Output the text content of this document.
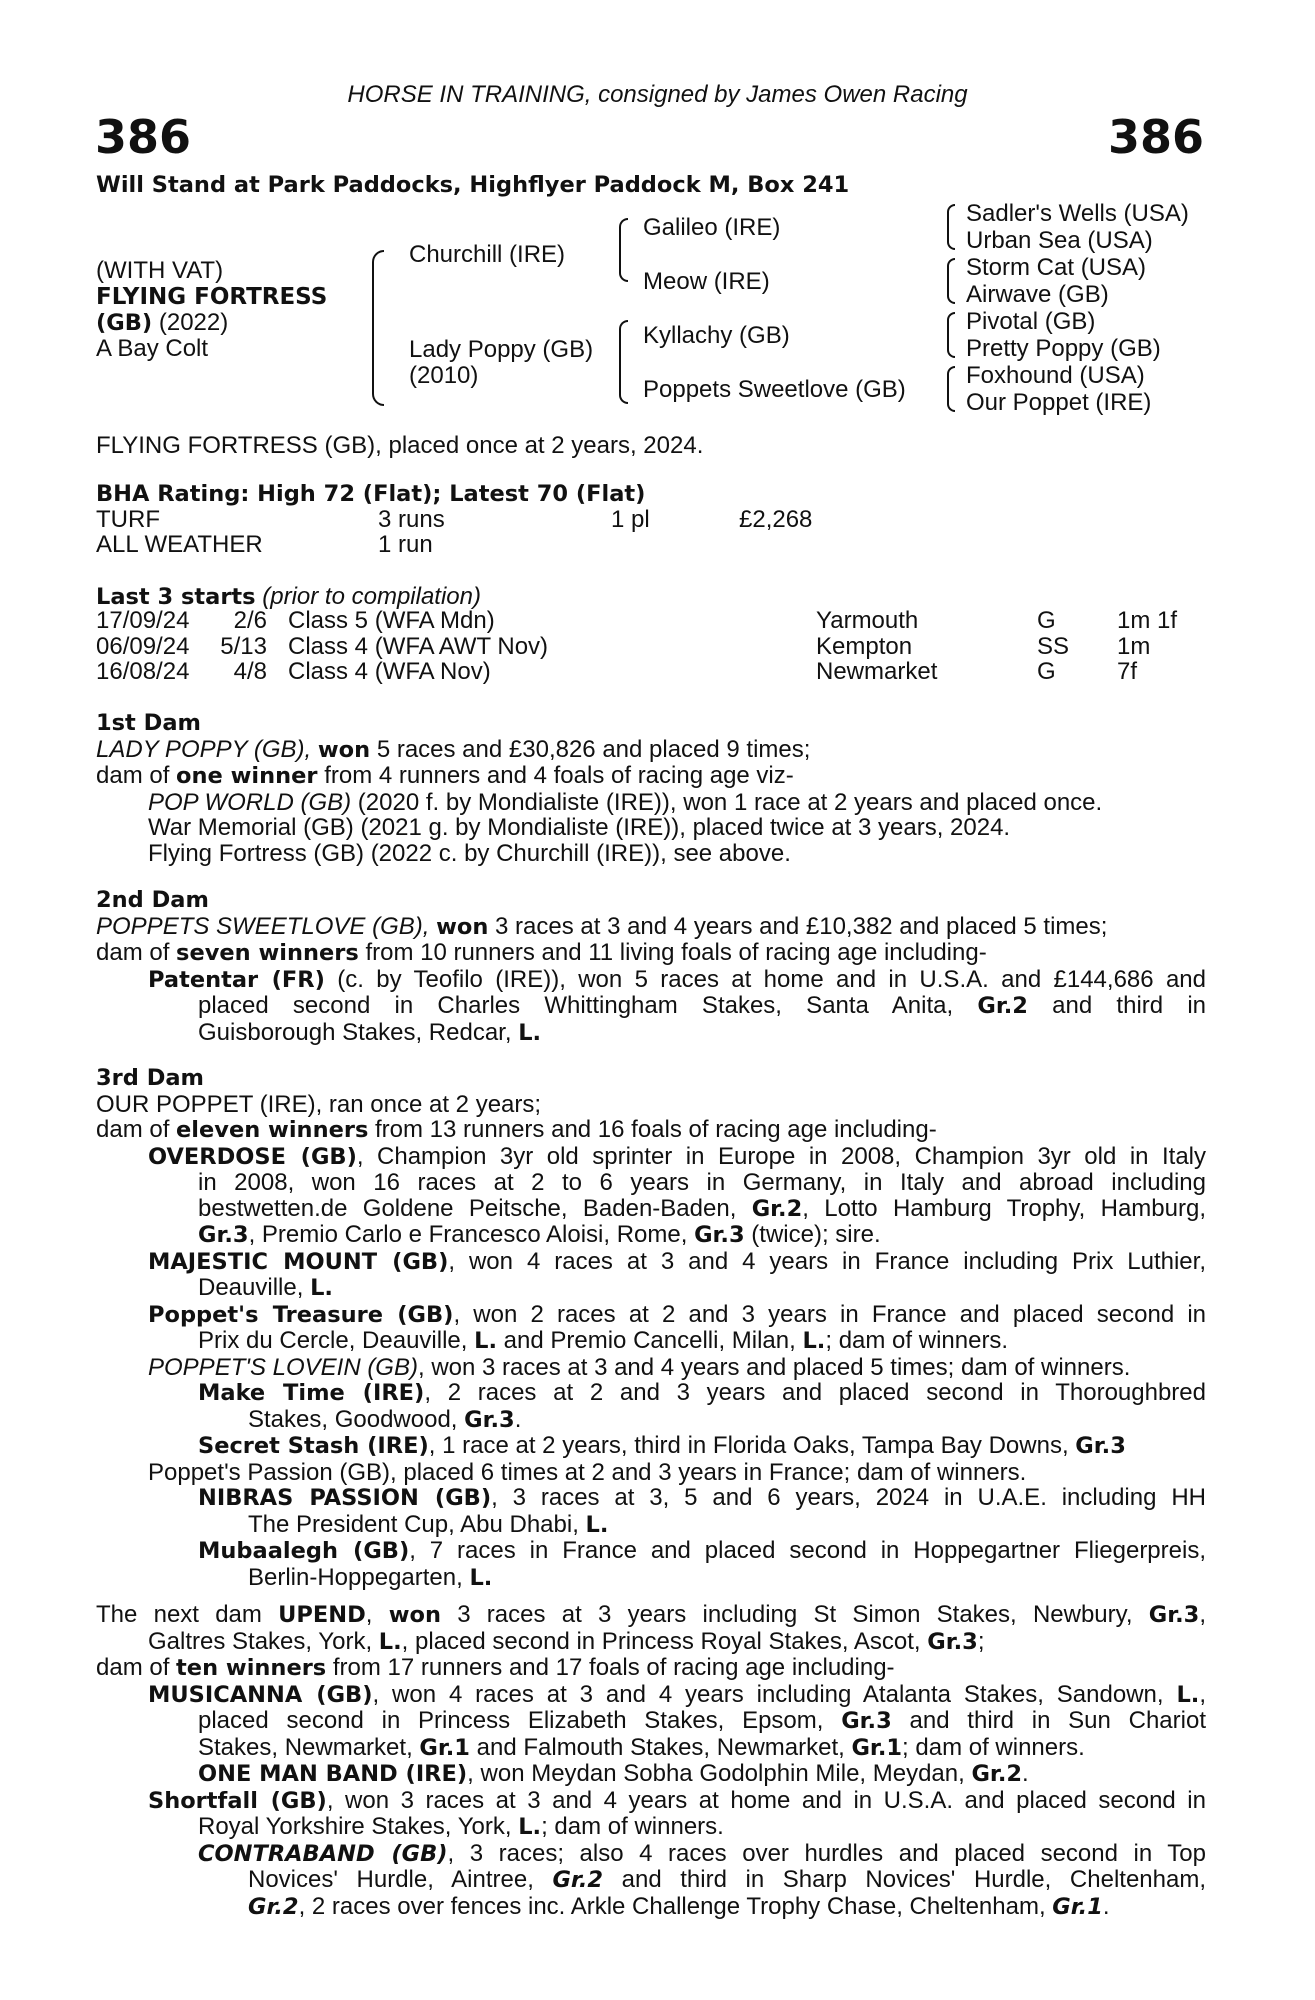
HORSE IN TRAINING, consigned by James Owen Racing
386	386
Will Stand at Park Paddocks, Highflyer Paddock M, Box 241
(WITH VAT)
FLYING FORTRESS
(GB) (2022)
A Bay Colt
Churchill (IRE)
Lady Poppy (GB)
(2010)
Galileo (IRE)
Meow (IRE)
Kyllachy (GB)
Poppets Sweetlove (GB)
Sadler's Wells (USA)
Urban Sea (USA)
Storm Cat (USA)
Airwave (GB)
Pivotal (GB)
Pretty Poppy (GB)
Foxhound (USA)
Our Poppet (IRE)
FLYING FORTRESS (GB), placed once at 2 years, 2024.
BHA Rating: High 72 (Flat); Latest 70 (Flat)
TURF	3 runs	1 pl	£2,268
ALL WEATHER	1 run
Last 3 starts (prior to compilation)
17/09/24	2/6 Class 5 (WFA Mdn)	Yarmouth	G	1m 1f
06/09/24	5/13 Class 4 (WFA AWT Nov)	Kempton	SS 1m
16/08/24	4/8 Class 4 (WFA Nov)	Newmarket	G	7f
1st Dam
LADY POPPY (GB), won 5 races and £30,826 and placed 9 times;
dam of one winner from 4 runners and 4 foals of racing age viz-
POP WORLD (GB) (2020 f. by Mondialiste (IRE)), won 1 race at 2 years and placed once.
War Memorial (GB) (2021 g. by Mondialiste (IRE)), placed twice at 3 years, 2024.
Flying Fortress (GB) (2022 c. by Churchill (IRE)), see above.
2nd Dam
POPPETS SWEETLOVE (GB), won 3 races at 3 and 4 years and £10,382 and placed 5 times;
dam of seven winners from 10 runners and 11 living foals of racing age including-
Patentar (FR) (c. by Teofilo (IRE)), won 5 races at home and in U.S.A. and £144,686 and
placed second in Charles Whittingham Stakes, Santa Anita, Gr.2 and third in
Guisborough Stakes, Redcar, L.
3rd Dam
OUR POPPET (IRE), ran once at 2 years;
dam of eleven winners from 13 runners and 16 foals of racing age including-
OVERDOSE (GB), Champion 3yr old sprinter in Europe in 2008, Champion 3yr old in Italy
in 2008, won 16 races at 2 to 6 years in Germany, in Italy and abroad including
bestwetten.de Goldene Peitsche, Baden-Baden, Gr.2, Lotto Hamburg Trophy, Hamburg,
Gr.3, Premio Carlo e Francesco Aloisi, Rome, Gr.3 (twice); sire.
MAJESTIC MOUNT (GB), won 4 races at 3 and 4 years in France including Prix Luthier,
Deauville, L.
Poppet's Treasure (GB), won 2 races at 2 and 3 years in France and placed second in
Prix du Cercle, Deauville, L. and Premio Cancelli, Milan, L.; dam of winners.
POPPET'S LOVEIN (GB), won 3 races at 3 and 4 years and placed 5 times; dam of winners.
Make Time (IRE), 2 races at 2 and 3 years and placed second in Thoroughbred
Stakes, Goodwood, Gr.3.
Secret Stash (IRE), 1 race at 2 years, third in Florida Oaks, Tampa Bay Downs, Gr.3
Poppet's Passion (GB), placed 6 times at 2 and 3 years in France; dam of winners.
NIBRAS PASSION (GB), 3 races at 3, 5 and 6 years, 2024 in U.A.E. including HH
The President Cup, Abu Dhabi, L.
Mubaalegh (GB), 7 races in France and placed second in Hoppegartner Fliegerpreis,
Berlin-Hoppegarten, L.
The next dam UPEND, won 3 races at 3 years including St Simon Stakes, Newbury, Gr.3,
Galtres Stakes, York, L., placed second in Princess Royal Stakes, Ascot, Gr.3;
dam of ten winners from 17 runners and 17 foals of racing age including-
MUSICANNA (GB), won 4 races at 3 and 4 years including Atalanta Stakes, Sandown, L.,
placed second in Princess Elizabeth Stakes, Epsom, Gr.3 and third in Sun Chariot
Stakes, Newmarket, Gr.1 and Falmouth Stakes, Newmarket, Gr.1; dam of winners.
ONE MAN BAND (IRE), won Meydan Sobha Godolphin Mile, Meydan, Gr.2.
Shortfall (GB), won 3 races at 3 and 4 years at home and in U.S.A. and placed second in
Royal Yorkshire Stakes, York, L.; dam of winners.
CONTRABAND (GB), 3 races; also 4 races over hurdles and placed second in Top
Novices' Hurdle, Aintree, Gr.2 and third in Sharp Novices' Hurdle, Cheltenham,
Gr.2, 2 races over fences inc. Arkle Challenge Trophy Chase, Cheltenham, Gr.1.
